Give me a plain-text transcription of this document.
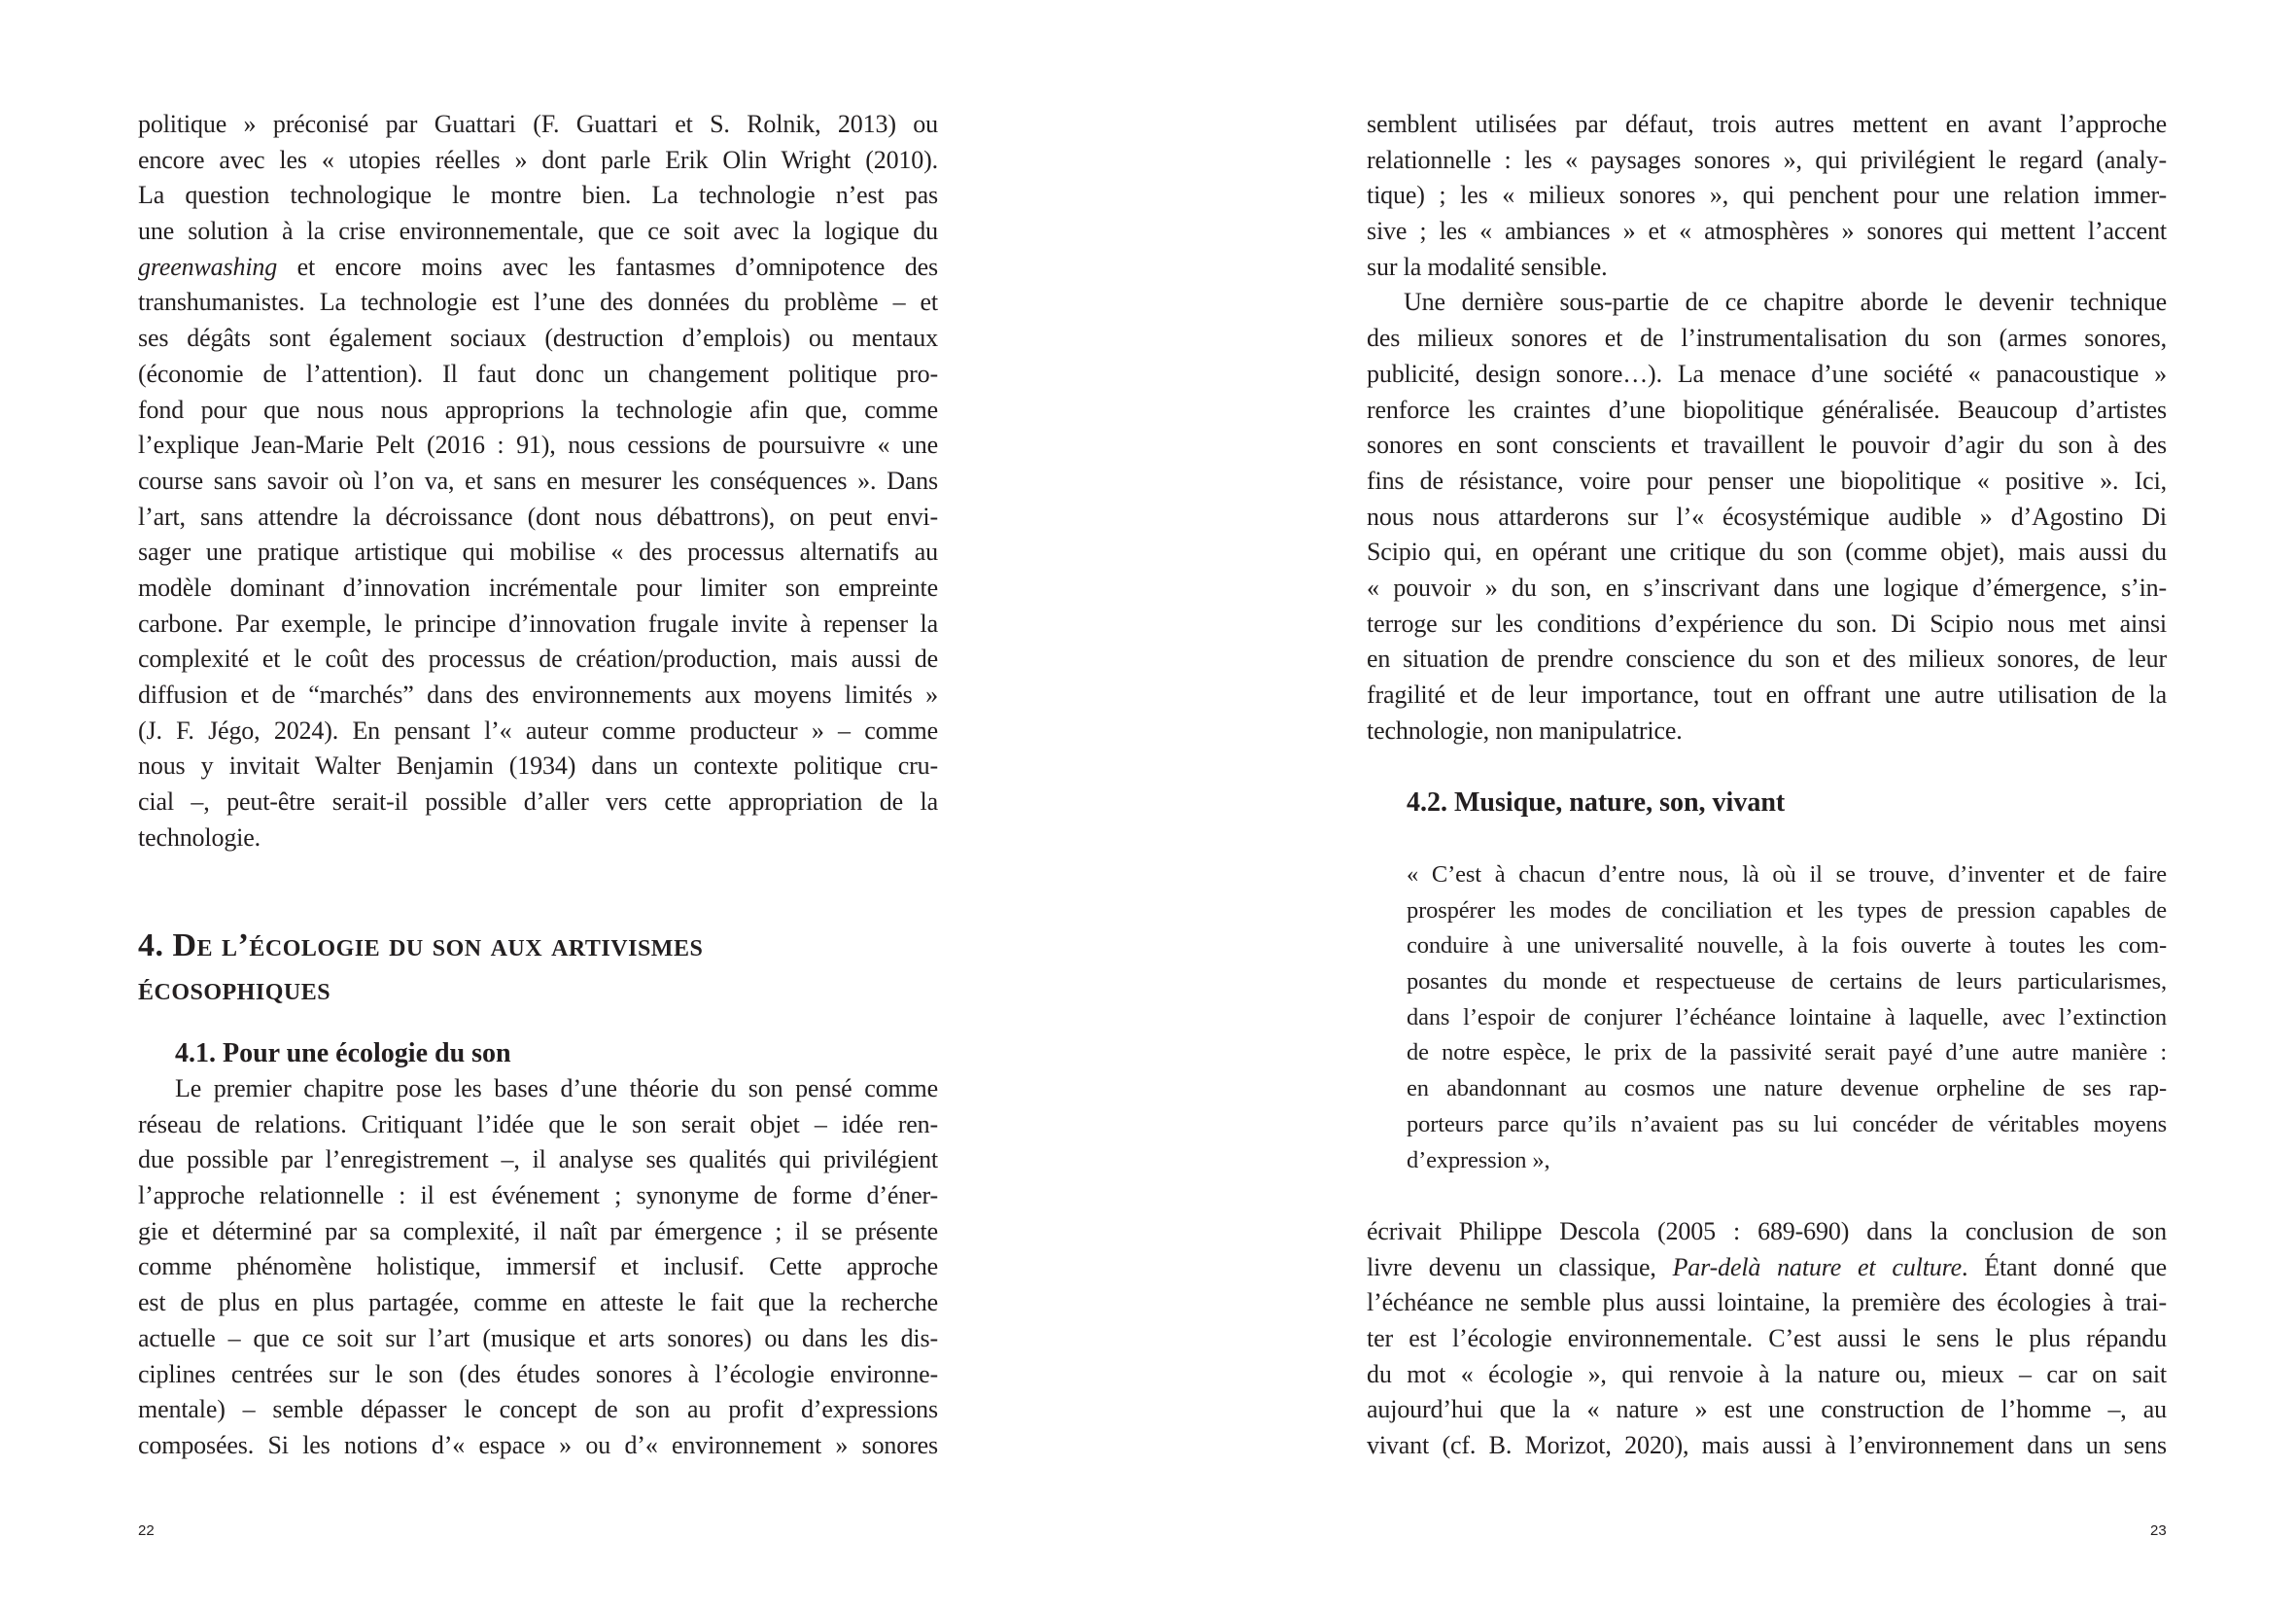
politique » préconisé par Guattari (F. Guattari et S. Rolnik, 2013) ou
encore avec les « utopies réelles » dont parle Erik Olin Wright (2010).
La question technologique le montre bien. La technologie n’est pas
une solution à la crise environnementale, que ce soit avec la logique du
greenwashing et encore moins avec les fantasmes d’omnipotence des
transhumanistes. La technologie est l’une des données du problème – et
ses dégâts sont également sociaux (destruction d’emplois) ou mentaux
(économie de l’attention). Il faut donc un changement politique pro-
fond pour que nous nous approprions la technologie afin que, comme
l’explique Jean-Marie Pelt (2016 : 91), nous cessions de poursuivre « une
course sans savoir où l’on va, et sans en mesurer les conséquences ». Dans
l’art, sans attendre la décroissance (dont nous débattrons), on peut envi-
sager une pratique artistique qui mobilise « des processus alternatifs au
modèle dominant d’innovation incrémentale pour limiter son empreinte
carbone. Par exemple, le principe d’innovation frugale invite à repenser la
complexité et le coût des processus de création/production, mais aussi de
diffusion et de “marchés” dans des environnements aux moyens limités »
(J. F. Jégo, 2024). En pensant l’« auteur comme producteur » – comme
nous y invitait Walter Benjamin (1934) dans un contexte politique cru-
cial –, peut-être serait-il possible d’aller vers cette appropriation de la
technologie.
4. De l’écologie du son aux artivismes
écosophiques
4.1. Pour une écologie du son
Le premier chapitre pose les bases d’une théorie du son pensé comme
réseau de relations. Critiquant l’idée que le son serait objet – idée ren-
due possible par l’enregistrement –, il analyse ses qualités qui privilégient
l’approche relationnelle : il est événement ; synonyme de forme d’éner-
gie et déterminé par sa complexité, il naît par émergence ; il se présente
comme phénomène holistique, immersif et inclusif. Cette approche
est de plus en plus partagée, comme en atteste le fait que la recherche
actuelle – que ce soit sur l’art (musique et arts sonores) ou dans les dis-
ciplines centrées sur le son (des études sonores à l’écologie environne-
mentale) – semble dépasser le concept de son au profit d’expressions
composées. Si les notions d’« espace » ou d’« environnement » sonores
22
semblent utilisées par défaut, trois autres mettent en avant l’approche
relationnelle : les « paysages sonores », qui privilégient le regard (analy-
tique) ; les « milieux sonores », qui penchent pour une relation immer-
sive ; les « ambiances » et « atmosphères » sonores qui mettent l’accent
sur la modalité sensible.
Une dernière sous-partie de ce chapitre aborde le devenir technique
des milieux sonores et de l’instrumentalisation du son (armes sonores,
publicité, design sonore…). La menace d’une société « panacoustique »
renforce les craintes d’une biopolitique généralisée. Beaucoup d’artistes
sonores en sont conscients et travaillent le pouvoir d’agir du son à des
fins de résistance, voire pour penser une biopolitique « positive ». Ici,
nous nous attarderons sur l’« écosystémique audible » d’Agostino Di
Scipio qui, en opérant une critique du son (comme objet), mais aussi du
« pouvoir » du son, en s’inscrivant dans une logique d’émergence, s’in-
terroge sur les conditions d’expérience du son. Di Scipio nous met ainsi
en situation de prendre conscience du son et des milieux sonores, de leur
fragilité et de leur importance, tout en offrant une autre utilisation de la
technologie, non manipulatrice.
4.2. Musique, nature, son, vivant
« C’est à chacun d’entre nous, là où il se trouve, d’inventer et de faire
prospérer les modes de conciliation et les types de pression capables de
conduire à une universalité nouvelle, à la fois ouverte à toutes les com-
posantes du monde et respectueuse de certains de leurs particularismes,
dans l’espoir de conjurer l’échéance lointaine à laquelle, avec l’extinction
de notre espèce, le prix de la passivité serait payé d’une autre manière :
en abandonnant au cosmos une nature devenue orpheline de ses rap-
porteurs parce qu’ils n’avaient pas su lui concéder de véritables moyens
d’expression »,
écrivait Philippe Descola (2005 : 689-690) dans la conclusion de son
livre devenu un classique, Par-delà nature et culture. Étant donné que
l’échéance ne semble plus aussi lointaine, la première des écologies à trai-
ter est l’écologie environnementale. C’est aussi le sens le plus répandu
du mot « écologie », qui renvoie à la nature ou, mieux – car on sait
aujourd’hui que la « nature » est une construction de l’homme –, au
vivant (cf. B. Morizot, 2020), mais aussi à l’environnement dans un sens
23
